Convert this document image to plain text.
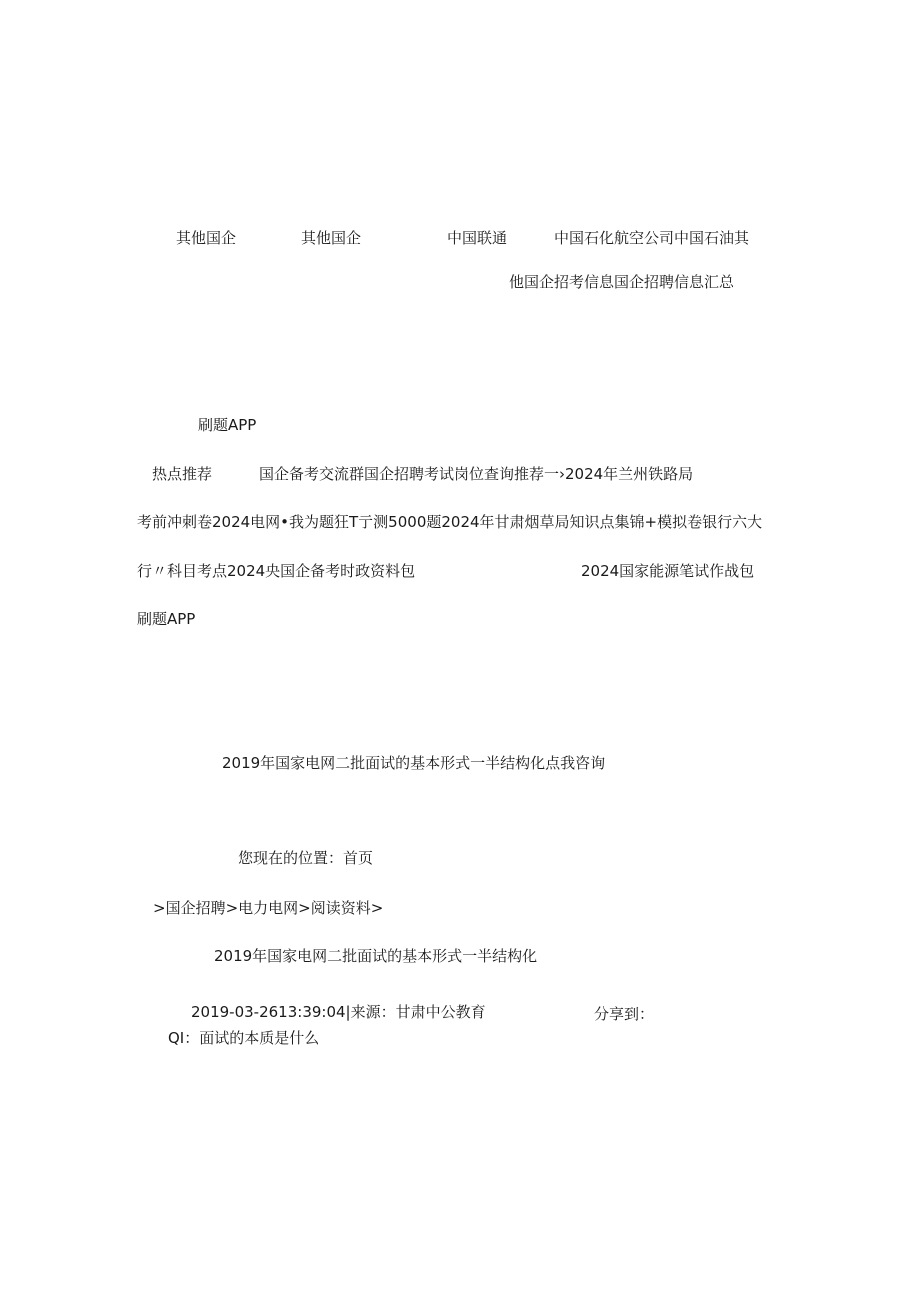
其他国企	其他国企	中国联通	中国石化航空公司中国石油其
他国企招考信息国企招聘信息汇总
刷题APP
热点推荐	国企备考交流群国企招聘考试岗位查询推荐一›2024年兰州铁路局
考前冲刺卷2024电网•我为题狂T亍测5000题2024年甘肃烟草局知识点集锦+模拟卷银行六大
行〃科目考点2024央国企备考时政资料包	2024国家能源笔试作战包
刷题APP
2019年国家电网二批面试的基本形式一半结构化点我咨询
您现在的位置：首页
>国企招聘>电力电网>阅读资料>
2019年国家电网二批面试的基本形式一半结构化
2019-03-2613:39:04|来源：甘肃中公教育	分享到：
QI：面试的本质是什么
